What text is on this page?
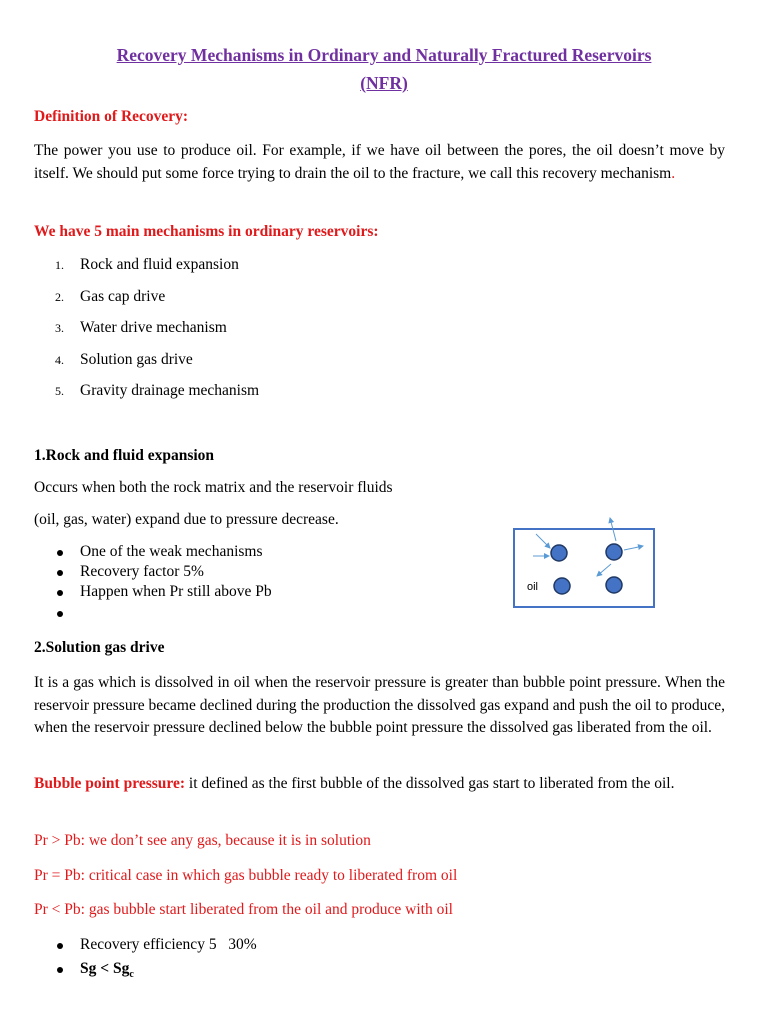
Recovery Mechanisms in Ordinary and Naturally Fractured Reservoirs

(NFR)

Definition of Recovery:

The power you use to produce oil. For example, if we have oil between the pores, the oil doesn’t move by itself. We should put some force trying to drain the oil to the fracture, we call this recovery mechanism.

We have 5 main mechanisms in ordinary reservoirs:

1. Rock and fluid expansion
2. Gas cap drive
3. Water drive mechanism
4. Solution gas drive
5. Gravity drainage mechanism

1.Rock and fluid expansion

Occurs when both the rock matrix and the reservoir fluids

(oil, gas, water) expand due to pressure decrease.

One of the weak mechanisms
Recovery factor 5%
Happen when Pr still above Pb	oil

2.Solution gas drive

It is a gas which is dissolved in oil when the reservoir pressure is greater than bubble point pressure. When the reservoir pressure became declined during the production the dissolved gas expand and push the oil to produce, when the reservoir pressure declined below the bubble point pressure the dissolved gas liberated from the oil.

Bubble point pressure: it defined as the first bubble of the dissolved gas start to liberated from the oil.

Pr > Pb: we don’t see any gas, because it is in solution

Pr = Pb: critical case in which gas bubble ready to liberated from oil

Pr < Pb: gas bubble start liberated from the oil and produce with oil

Recovery efficiency 5   30%
$Sg < Sg_c$
